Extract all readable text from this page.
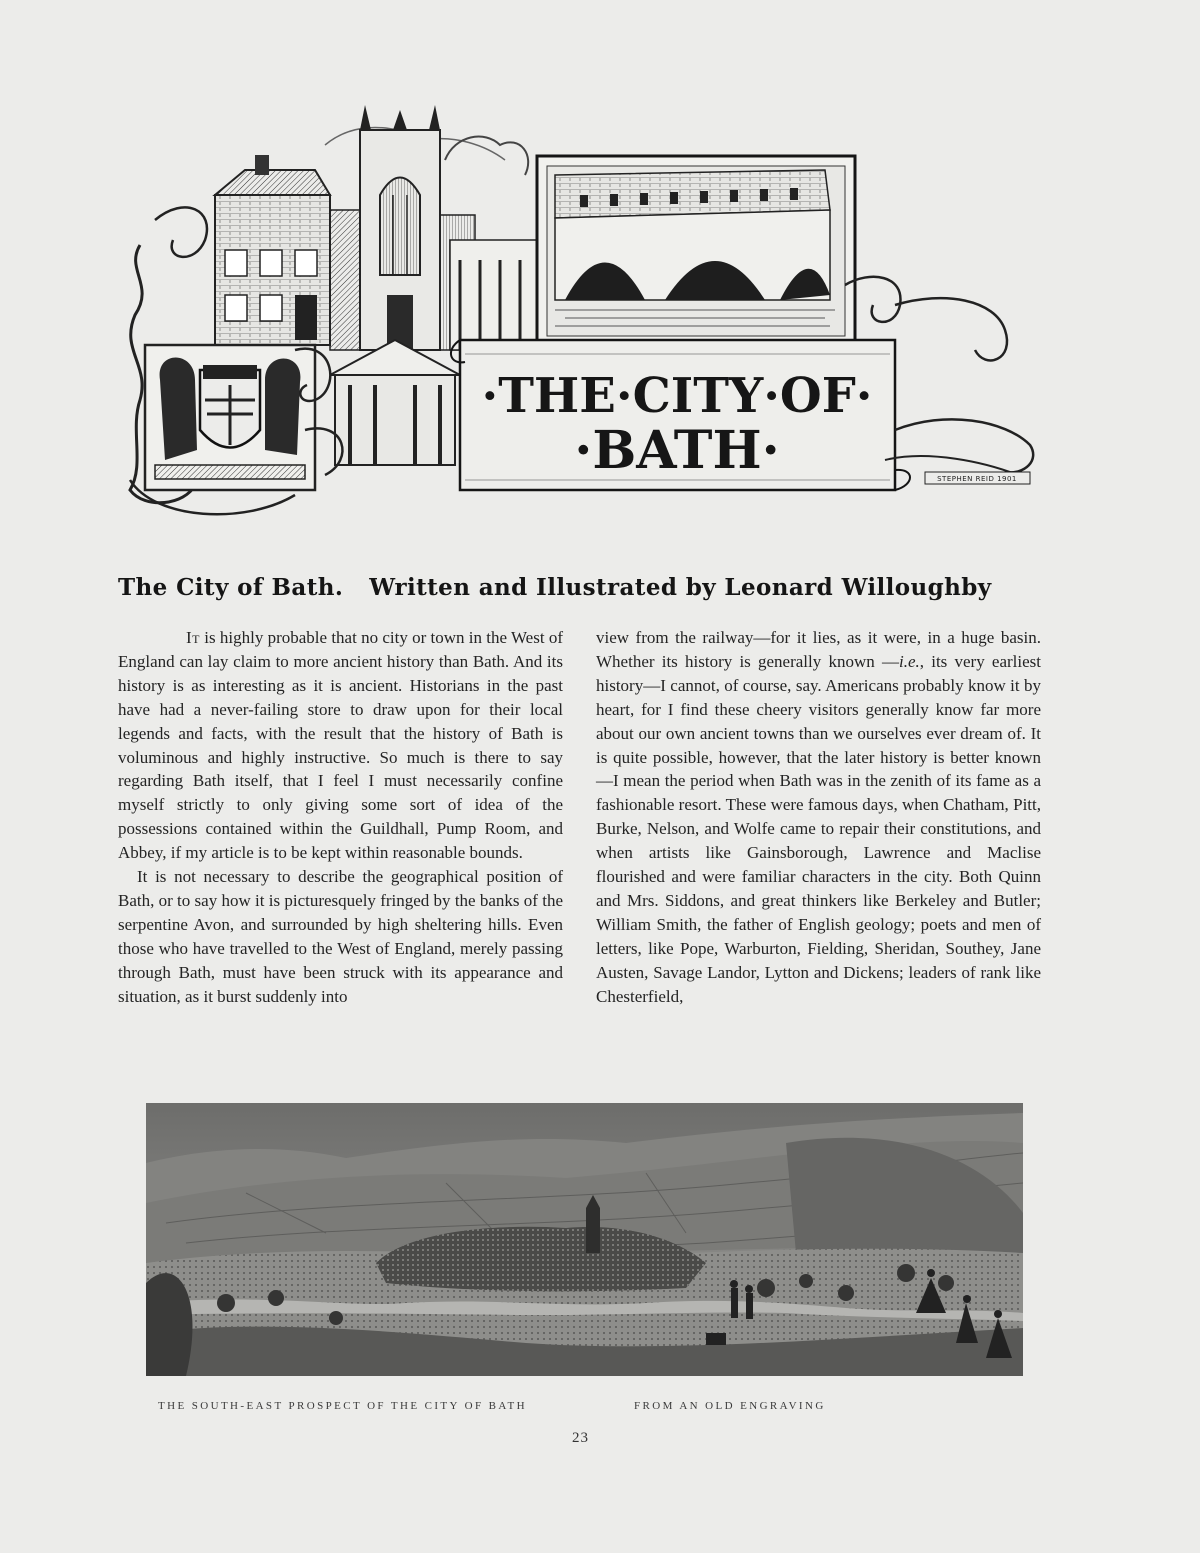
·THE·CITY·OF·
·BATH·	STEPHEN REID 1901
The City of Bath. Written and Illustrated by Leonard Willoughby

It is highly probable that no city or town in the West of England can lay claim to more ancient history than Bath. And its history is as interesting as it is ancient. Historians in the past have had a never-failing store to draw upon for their local legends and facts, with the result that the history of Bath is voluminous and highly instructive. So much is there to say regarding Bath itself, that I feel I must necessarily confine myself strictly to only giving some sort of idea of the possessions contained within the Guildhall, Pump Room, and Abbey, if my article is to be kept within reasonable bounds.

It is not necessary to describe the geographical position of Bath, or to say how it is picturesquely fringed by the banks of the serpentine Avon, and surrounded by high sheltering hills. Even those who have travelled to the West of England, merely passing through Bath, must have been struck with its appearance and situation, as it burst suddenly into

view from the railway—for it lies, as it were, in a huge basin. Whether its history is generally known —i.e., its very earliest history—I cannot, of course, say. Americans probably know it by heart, for I find these cheery visitors generally know far more about our own ancient towns than we ourselves ever dream of. It is quite possible, however, that the later history is better known—I mean the period when Bath was in the zenith of its fame as a fashionable resort. These were famous days, when Chatham, Pitt, Burke, Nelson, and Wolfe came to repair their constitutions, and when artists like Gainsborough, Lawrence and Maclise flourished and were familiar characters in the city. Both Quinn and Mrs. Siddons, and great thinkers like Berkeley and Butler; William Smith, the father of English geology; poets and men of letters, like Pope, Warburton, Fielding, Sheridan, Southey, Jane Austen, Savage Landor, Lytton and Dickens; leaders of rank like Chesterfield,

THE SOUTH-EAST PROSPECT OF THE CITY OF BATH	FROM AN OLD ENGRAVING
23
